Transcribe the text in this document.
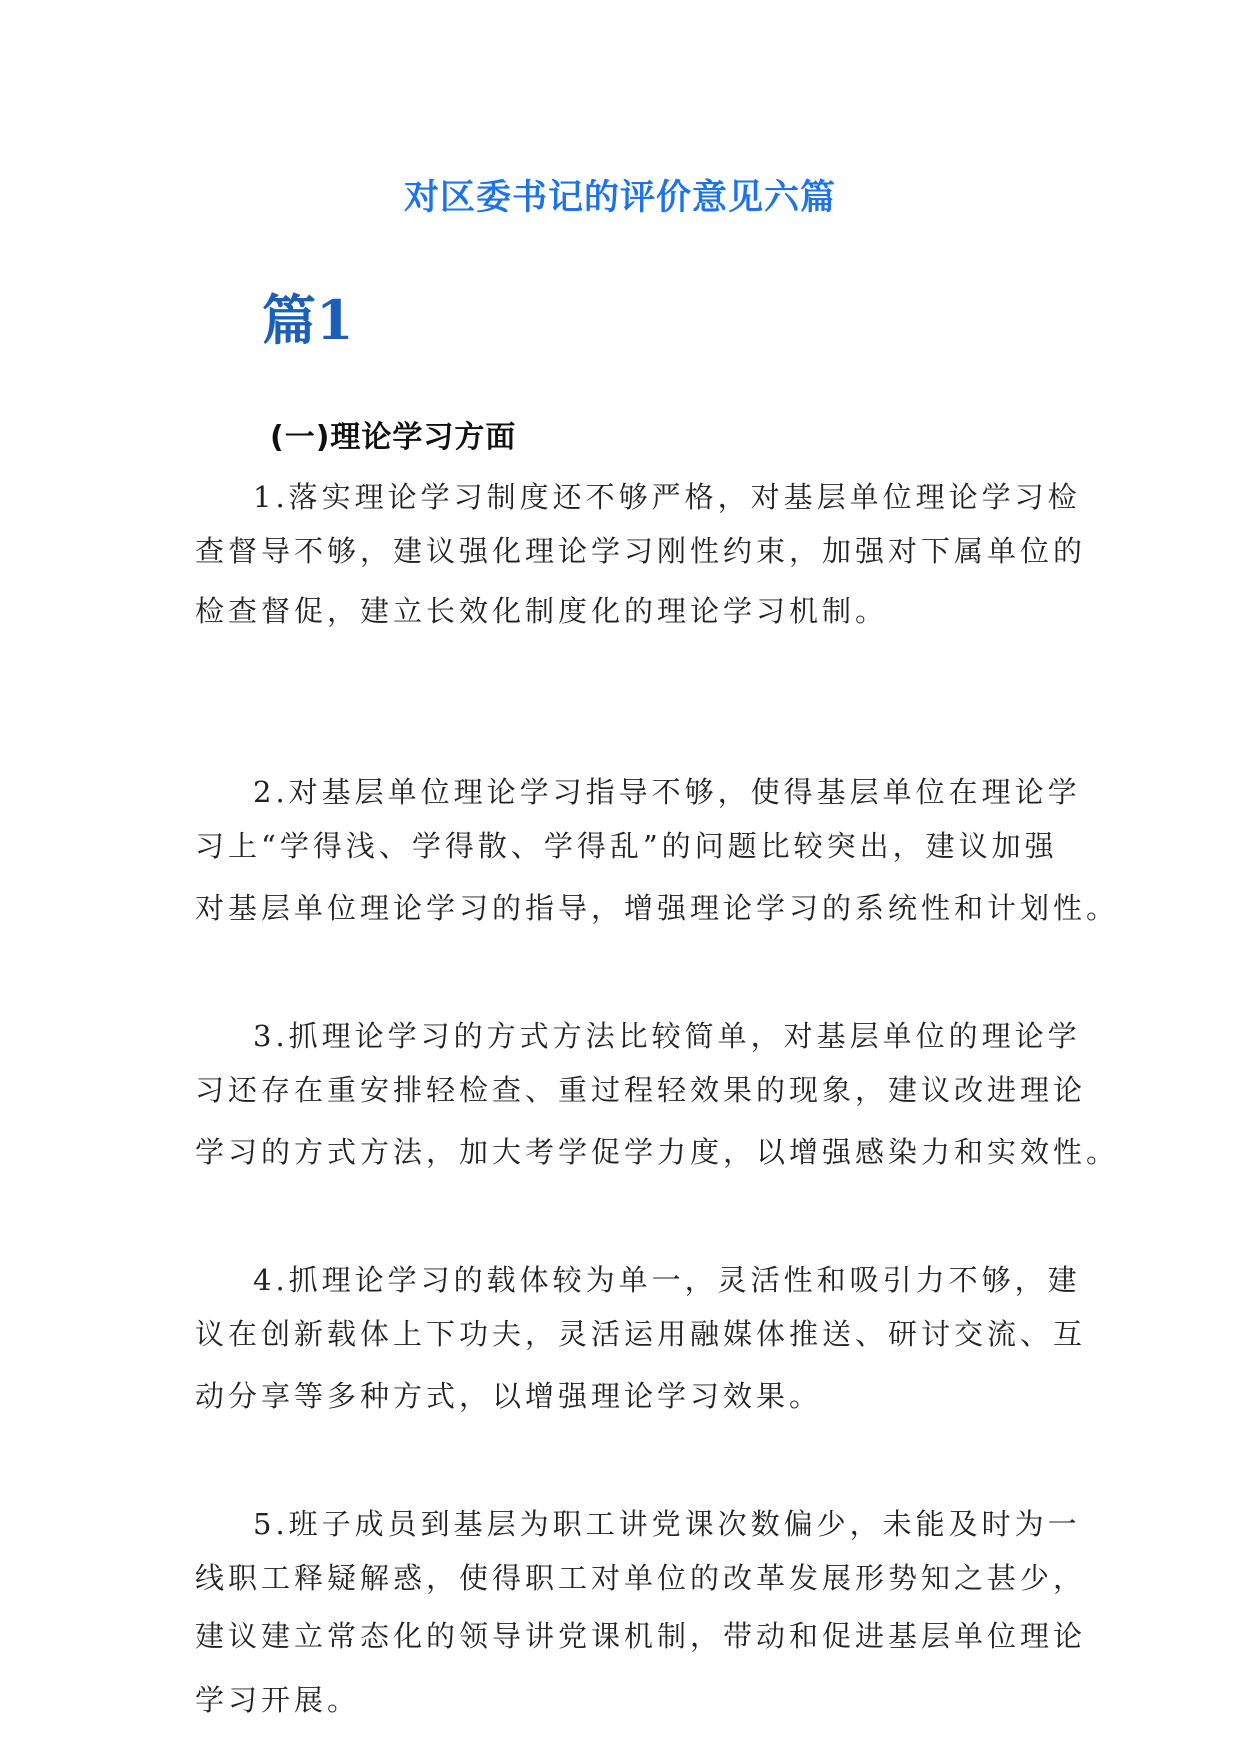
对区委书记的评价意见六篇
篇1
(一)理论学习方面
1.落实理论学习制度还不够严格，对基层单位理论学习检
查督导不够，建议强化理论学习刚性约束，加强对下属单位的
检查督促，建立长效化制度化的理论学习机制。
2.对基层单位理论学习指导不够，使得基层单位在理论学
习上“学得浅、学得散、学得乱”的问题比较突出，建议加强
对基层单位理论学习的指导，增强理论学习的系统性和计划性。
3.抓理论学习的方式方法比较简单，对基层单位的理论学
习还存在重安排轻检查、重过程轻效果的现象，建议改进理论
学习的方式方法，加大考学促学力度，以增强感染力和实效性。
4.抓理论学习的载体较为单一，灵活性和吸引力不够，建
议在创新载体上下功夫，灵活运用融媒体推送、研讨交流、互
动分享等多种方式，以增强理论学习效果。
5.班子成员到基层为职工讲党课次数偏少，未能及时为一
线职工释疑解惑，使得职工对单位的改革发展形势知之甚少，
建议建立常态化的领导讲党课机制，带动和促进基层单位理论
学习开展。
